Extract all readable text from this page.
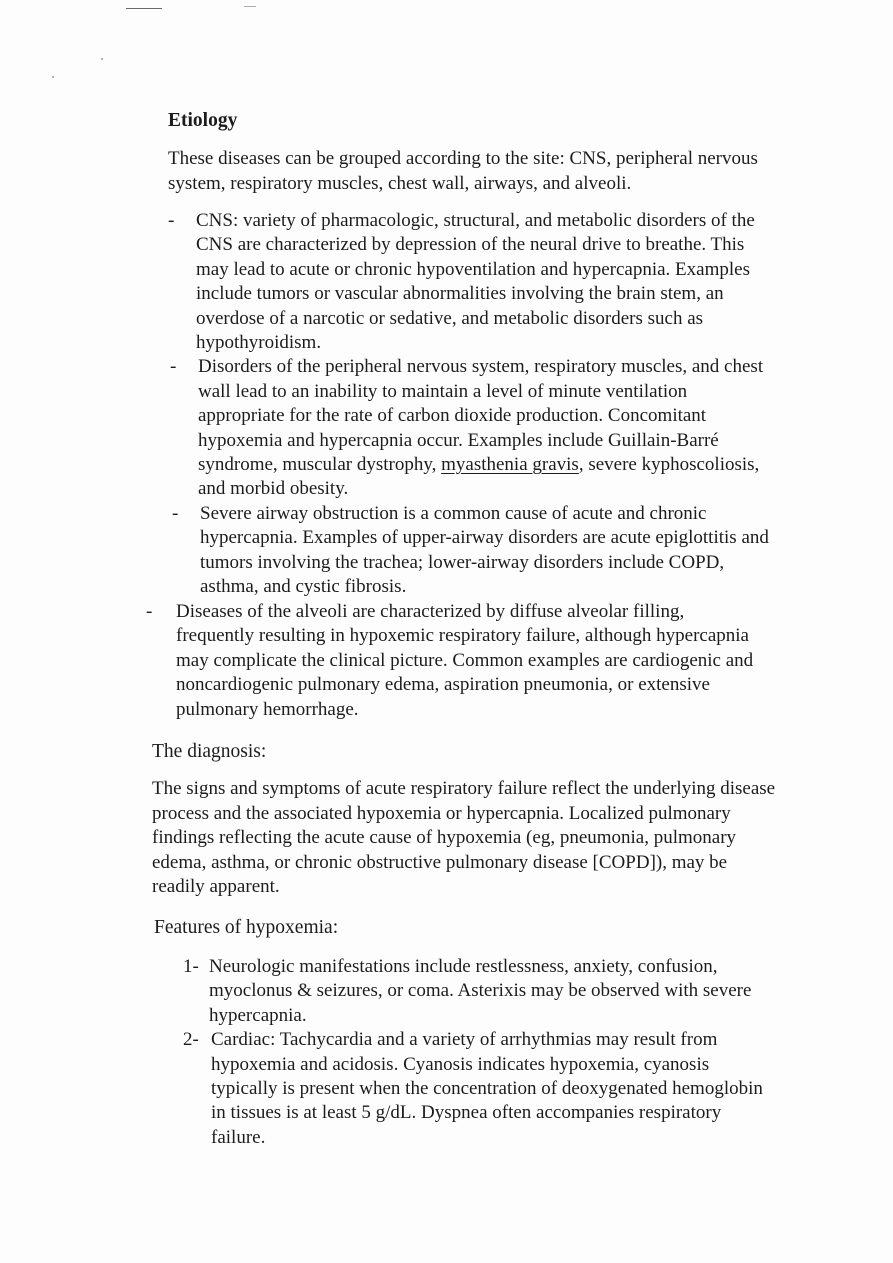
Etiology

These diseases can be grouped according to the site: CNS, peripheral nervous system, respiratory muscles, chest wall, airways, and alveoli.

- CNS: variety of pharmacologic, structural, and metabolic disorders of the CNS are characterized by depression of the neural drive to breathe. This may lead to acute or chronic hypoventilation and hypercapnia. Examples include tumors or vascular abnormalities involving the brain stem, an overdose of a narcotic or sedative, and metabolic disorders such as hypothyroidism.
- Disorders of the peripheral nervous system, respiratory muscles, and chest wall lead to an inability to maintain a level of minute ventilation appropriate for the rate of carbon dioxide production. Concomitant hypoxemia and hypercapnia occur. Examples include Guillain-Barré syndrome, muscular dystrophy, myasthenia gravis, severe kyphoscoliosis, and morbid obesity.
- Severe airway obstruction is a common cause of acute and chronic hypercapnia. Examples of upper-airway disorders are acute epiglottitis and tumors involving the trachea; lower-airway disorders include COPD, asthma, and cystic fibrosis.
- Diseases of the alveoli are characterized by diffuse alveolar filling, frequently resulting in hypoxemic respiratory failure, although hypercapnia may complicate the clinical picture. Common examples are cardiogenic and noncardiogenic pulmonary edema, aspiration pneumonia, or extensive pulmonary hemorrhage.

The diagnosis:

The signs and symptoms of acute respiratory failure reflect the underlying disease process and the associated hypoxemia or hypercapnia. Localized pulmonary findings reflecting the acute cause of hypoxemia (eg, pneumonia, pulmonary edema, asthma, or chronic obstructive pulmonary disease [COPD]), may be readily apparent.

Features of hypoxemia:

1- Neurologic manifestations include restlessness, anxiety, confusion, myoclonus & seizures, or coma. Asterixis may be observed with severe hypercapnia.
2- Cardiac: Tachycardia and a variety of arrhythmias may result from hypoxemia and acidosis. Cyanosis indicates hypoxemia, cyanosis typically is present when the concentration of deoxygenated hemoglobin in tissues is at least 5 g/dL. Dyspnea often accompanies respiratory failure.
